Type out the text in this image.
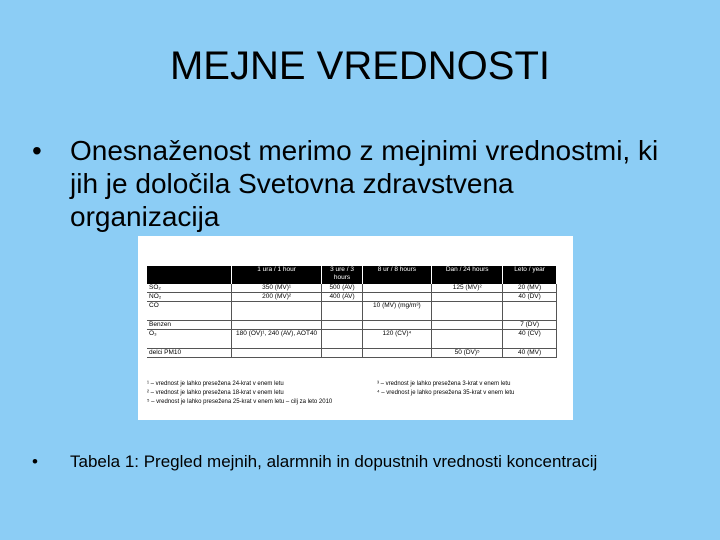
MEJNE VREDNOSTI
• Onesnaženost merimo z mejnimi vrednostmi, ki jih je določila Svetovna zdravstvena organizacija
	1 ura / 1 hour	3 ure / 3 hours	8 ur / 8 hours	Dan / 24 hours	Leto / year
SO₂	350 (MV)¹	500 (AV)		125 (MV)²	20 (MV)
NO₂	200 (MV)²	400 (AV)			40 (DV)
CO			10 (MV) (mg/m³)		
Benzen					7 (DV)
O₃	180 (OV)¹, 240 (AV), AOT40		120 (CV)⁴		40 (CV)
delci PM10				50 (DV)⁵	40 (MV)
¹ – vrednost je lahko presežena 24-krat v enem letu
² – vrednost je lahko presežena 18-krat v enem letu
⁵ – vrednost je lahko presežena 25-krat v enem letu – cilj za leto 2010
³ – vrednost je lahko presežena 3-krat v enem letu
⁴ – vrednost je lahko presežena 35-krat v enem letu
• Tabela 1: Pregled mejnih, alarmnih in dopustnih vrednosti koncentracij
